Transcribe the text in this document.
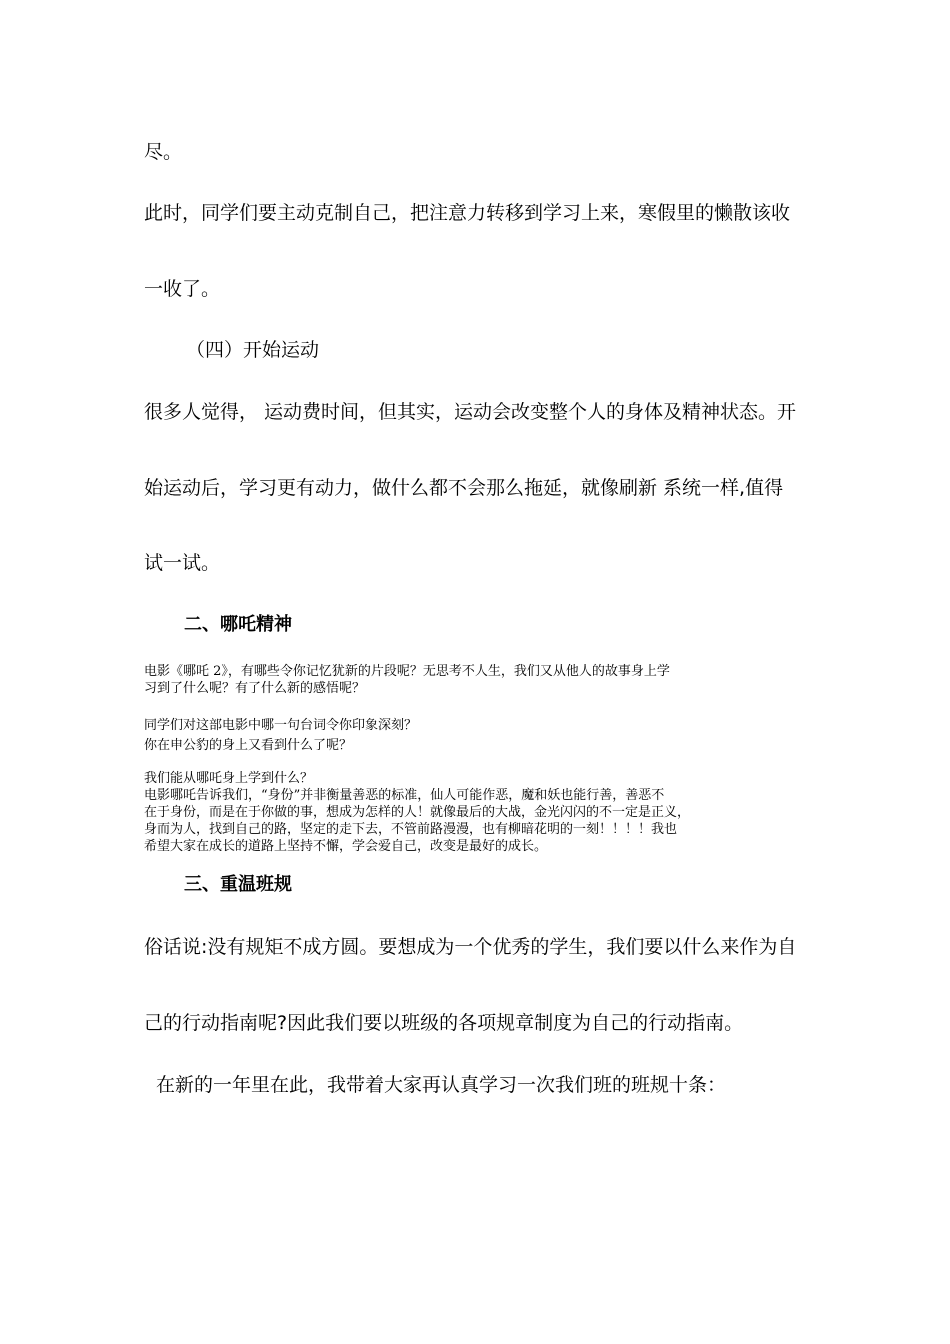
尽。
此时，同学们要主动克制自己，把注意力转移到学习上来，寒假里的懒散该收
一收了。
（四）开始运动
很多人觉得， 运动费时间，但其实，运动会改变整个人的身体及精神状态。开
始运动后，学习更有动力，做什么都不会那么拖延，就像刷新 系统一样,值得
试一试。
二、哪吒精神
电影《哪吒 2》，有哪些令你记忆犹新的片段呢？无思考不人生，我们又从他人的故事身上学
习到了什么呢？有了什么新的感悟呢？
同学们对这部电影中哪一句台词令你印象深刻？
你在申公豹的身上又看到什么了呢？
我们能从哪吒身上学到什么？
电影哪吒告诉我们，“身份”并非衡量善恶的标准，仙人可能作恶，魔和妖也能行善，善恶不
在于身份，而是在于你做的事，想成为怎样的人！就像最后的大战，金光闪闪的不一定是正义，
身而为人，找到自己的路，坚定的走下去，不管前路漫漫，也有柳暗花明的一刻！！！！我也
希望大家在成长的道路上坚持不懈，学会爱自己，改变是最好的成长。
三、重温班规
俗话说:没有规矩不成方圆。要想成为一个优秀的学生，我们要以什么来作为自
己的行动指南呢?因此我们要以班级的各项规章制度为自己的行动指南。
在新的一年里在此，我带着大家再认真学习一次我们班的班规十条：
